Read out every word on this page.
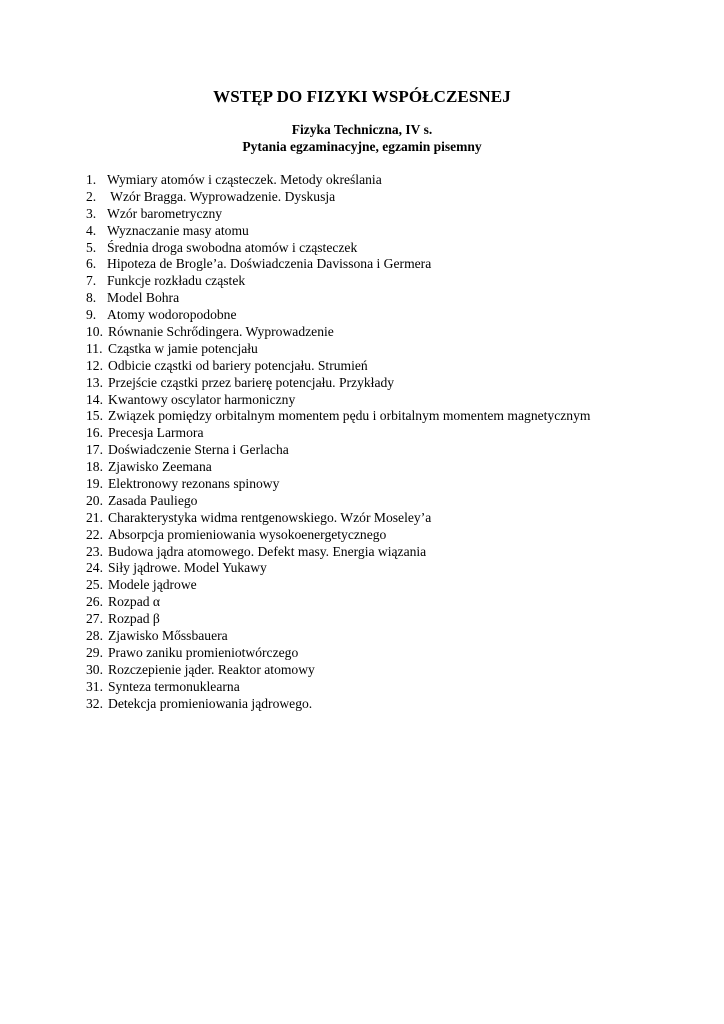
WSTĘP DO FIZYKI WSPÓŁCZESNEJ
Fizyka Techniczna, IV s.
Pytania egzaminacyjne, egzamin pisemny
1. Wymiary atomów i cząsteczek. Metody określania
2. Wzór Bragga. Wyprowadzenie. Dyskusja
3. Wzór barometryczny
4. Wyznaczanie masy atomu
5. Średnia droga swobodna atomów i cząsteczek
6. Hipoteza de Brogle’a. Doświadczenia Davissona i Germera
7. Funkcje rozkładu cząstek
8. Model Bohra
9. Atomy wodoropodobne
10. Równanie Schrődingera. Wyprowadzenie
11. Cząstka w jamie potencjału
12. Odbicie cząstki od bariery potencjału. Strumień
13. Przejście cząstki przez barierę potencjału. Przykłady
14. Kwantowy oscylator harmoniczny
15. Związek pomiędzy orbitalnym momentem pędu i orbitalnym momentem magnetycznym
16. Precesja Larmora
17. Doświadczenie Sterna i Gerlacha
18. Zjawisko Zeemana
19. Elektronowy rezonans spinowy
20. Zasada Pauliego
21. Charakterystyka widma rentgenowskiego. Wzór Moseley’a
22. Absorpcja promieniowania wysokoenergetycznego
23. Budowa jądra atomowego. Defekt masy. Energia wiązania
24. Siły jądrowe. Model Yukawy
25. Modele jądrowe
26. Rozpad α
27. Rozpad β
28. Zjawisko Mőssbauera
29. Prawo zaniku promieniotwórczego
30. Rozczepienie jąder. Reaktor atomowy
31. Synteza termonuklearna
32. Detekcja promieniowania jądrowego.
